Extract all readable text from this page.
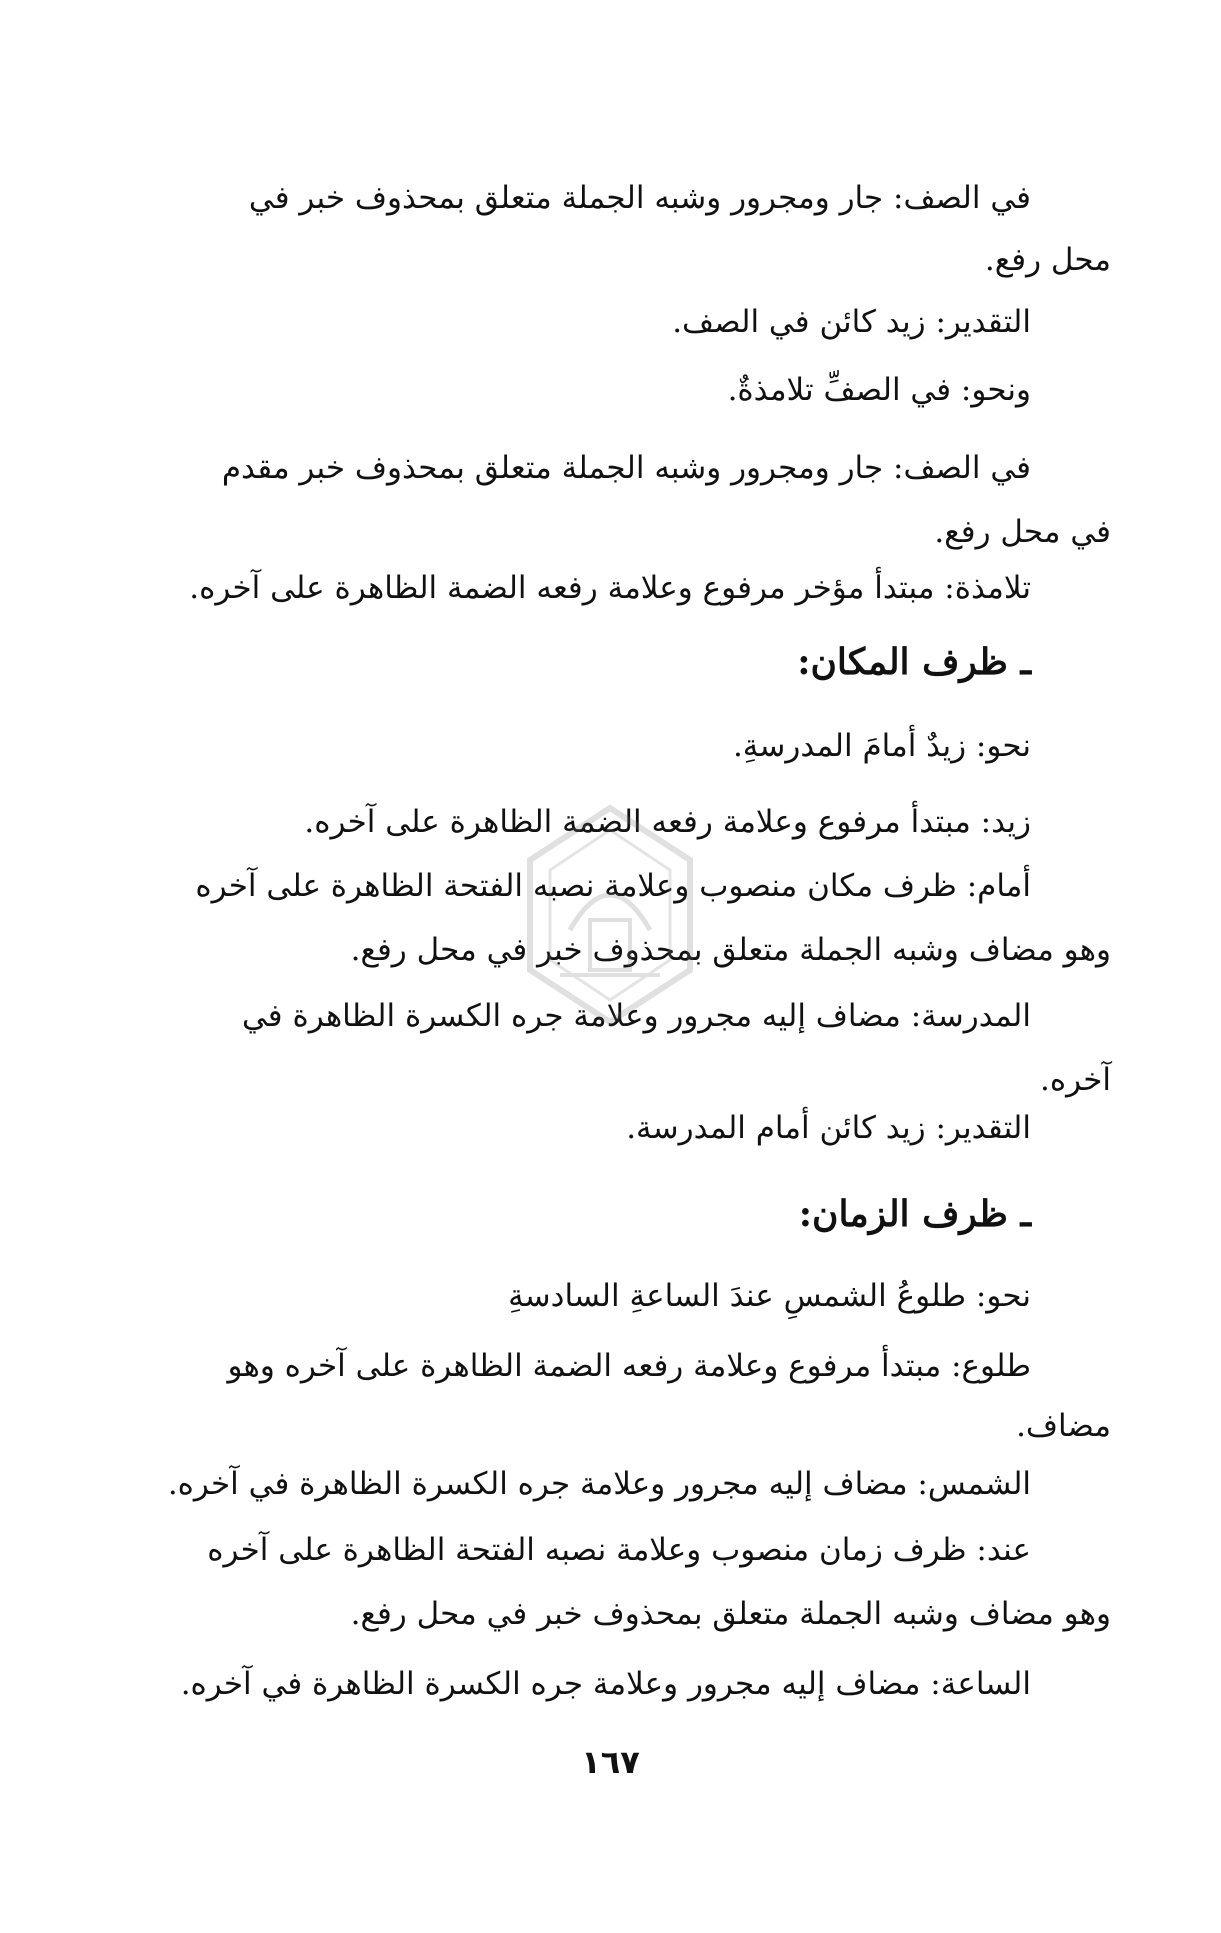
في الصف: جار ومجرور وشبه الجملة متعلق بمحذوف خبر في
محل رفع.
التقدير: زيد كائن في الصف.
ونحو: في الصفِّ تلامذةٌ.
في الصف: جار ومجرور وشبه الجملة متعلق بمحذوف خبر مقدم
في محل رفع.
تلامذة: مبتدأ مؤخر مرفوع وعلامة رفعه الضمة الظاهرة على آخره.
ـ ظرف المكان:
نحو: زيدٌ أمامَ المدرسةِ.
زيد: مبتدأ مرفوع وعلامة رفعه الضمة الظاهرة على آخره.
أمام: ظرف مكان منصوب وعلامة نصبه الفتحة الظاهرة على آخره
وهو مضاف وشبه الجملة متعلق بمحذوف خبر في محل رفع.
المدرسة: مضاف إليه مجرور وعلامة جره الكسرة الظاهرة في
آخره.
التقدير: زيد كائن أمام المدرسة.
ـ ظرف الزمان:
نحو: طلوعُ الشمسِ عندَ الساعةِ السادسةِ
طلوع: مبتدأ مرفوع وعلامة رفعه الضمة الظاهرة على آخره وهو
مضاف.
الشمس: مضاف إليه مجرور وعلامة جره الكسرة الظاهرة في آخره.
عند: ظرف زمان منصوب وعلامة نصبه الفتحة الظاهرة على آخره
وهو مضاف وشبه الجملة متعلق بمحذوف خبر في محل رفع.
الساعة: مضاف إليه مجرور وعلامة جره الكسرة الظاهرة في آخره.
١٦٧
